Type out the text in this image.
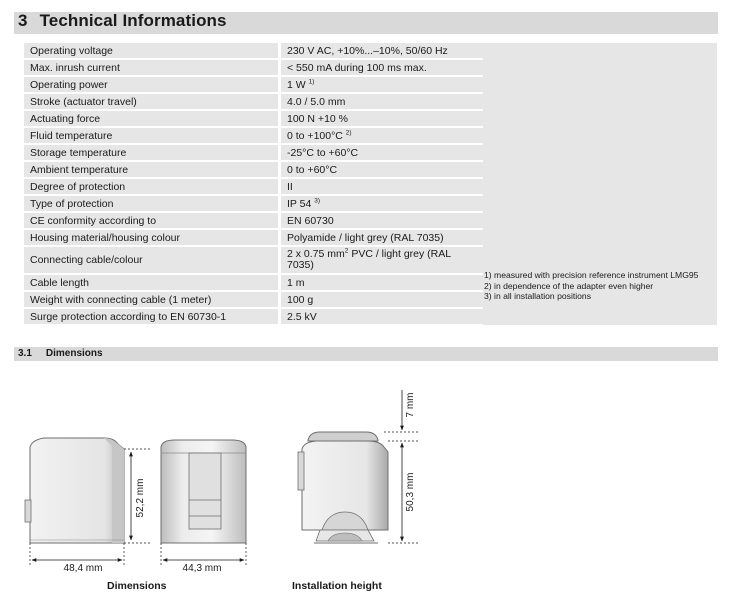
3 Technical Informations
Operating voltage	230 V AC, +10%...–10%, 50/60 Hz
Max. inrush current	< 550 mA during 100 ms max.
Operating power	1 W $^{1)}$
Stroke (actuator travel)	4.0 / 5.0 mm
Actuating force	100 N +10 %
Fluid temperature	0 to +100°C $^{2)}$
Storage temperature	-25°C to +60°C
Ambient temperature	0 to +60°C
Degree of protection	II
Type of protection	IP 54 $^{3)}$
CE conformity according to	EN 60730
Housing material/housing colour	Polyamide / light grey (RAL 7035)
Connecting cable/colour	2 x 0.75 $mm^2$ PVC / light grey (RAL 7035)
Cable length	1 m
Weight with connecting cable (1 meter)	100 g
Surge protection according to EN 60730-1	2.5 kV
1) measured with precision reference instrument LMG95
2) in dependence of the adapter even higher
3) in all installation positions
3.1 Dimensions
52,2 mm
48,4 mm	44,3 mm
7 mm
50,3 mm
Dimensions	Installation height
